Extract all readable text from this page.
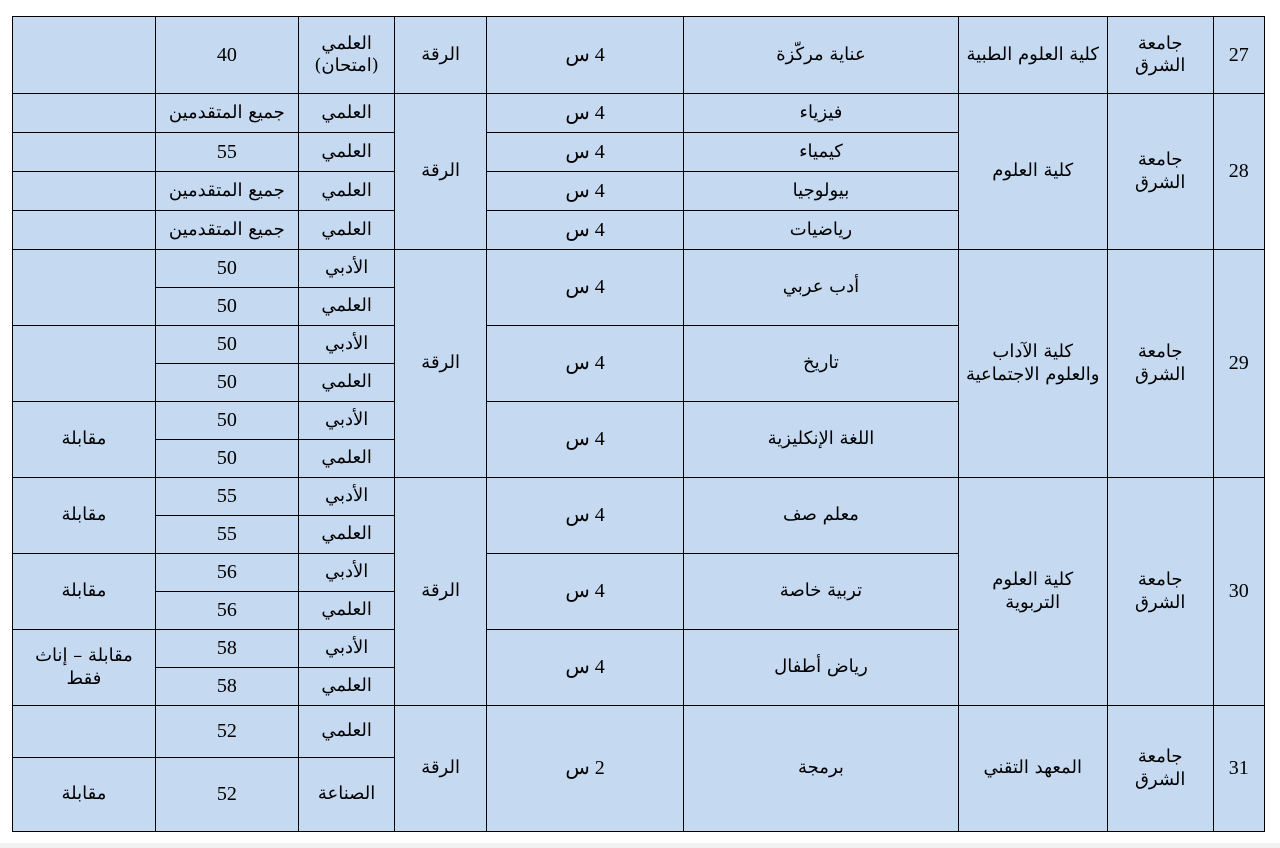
27	جامعة الشرق	كلية العلوم الطبية	عناية مركّزة	4 س	الرقة	العلمي (امتحان)	40	
28	جامعة الشرق	كلية العلوم	فيزياء	4 س	الرقة	العلمي	جميع المتقدمين	
			كيمياء	4 س		العلمي	55	
			بيولوجيا	4 س		العلمي	جميع المتقدمين	
			رياضيات	4 س		العلمي	جميع المتقدمين	
29	جامعة الشرق	كلية الآداب والعلوم الاجتماعية	أدب عربي	4 س	الرقة	الأدبي	50	
						العلمي	50	
			تاريخ	4 س		الأدبي	50	
						العلمي	50	
			اللغة الإنكليزية	4 س		الأدبي	50	مقابلة
						العلمي	50	
30	جامعة الشرق	كلية العلوم التربوية	معلم صف	4 س	الرقة	الأدبي	55	مقابلة
						العلمي	55	
			تربية خاصة	4 س		الأدبي	56	مقابلة
						العلمي	56	
			رياض أطفال	4 س		الأدبي	58	مقابلة – إناث فقط
						العلمي	58	
31	جامعة الشرق	المعهد التقني	برمجة	2 س	الرقة	العلمي	52	
						الصناعة	52	مقابلة
